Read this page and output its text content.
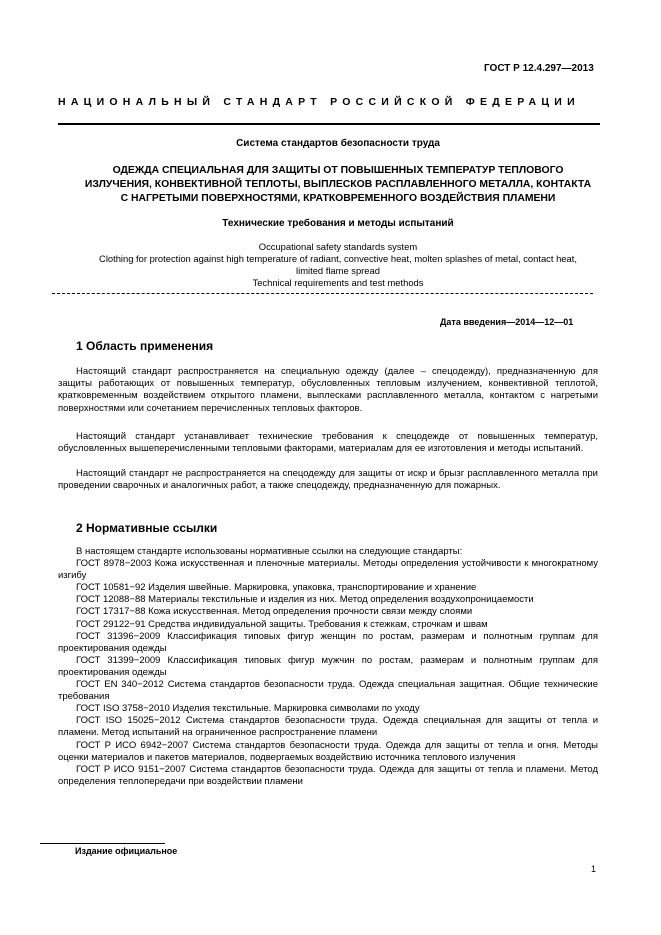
ГОСТ Р 12.4.297—2013
НАЦИОНАЛЬНЫЙ СТАНДАРТ РОССИЙСКОЙ ФЕДЕРАЦИИ
Система стандартов безопасности труда
ОДЕЖДА СПЕЦИАЛЬНАЯ ДЛЯ ЗАЩИТЫ ОТ ПОВЫШЕННЫХ ТЕМПЕРАТУР ТЕПЛОВОГО
ИЗЛУЧЕНИЯ, КОНВЕКТИВНОЙ ТЕПЛОТЫ, ВЫПЛЕСКОВ РАСПЛАВЛЕННОГО МЕТАЛЛА, КОНТАКТА
С НАГРЕТЫМИ ПОВЕРХНОСТЯМИ, КРАТКОВРЕМЕННОГО ВОЗДЕЙСТВИЯ ПЛАМЕНИ
Технические требования и методы испытаний
Occupational safety standards system
Clothing for protection against high temperature of radiant, convective heat, molten splashes of metal, contact heat,
limited flame spread
Technical requirements and test methods
Дата введения—2014—12—01
1 Область применения
Настоящий стандарт распространяется на специальную одежду (далее – спецодежду), предназначенную для защиты работающих от повышенных температур, обусловленных тепловым излучением, конвективной теплотой, кратковременным воздействием открытого пламени, выплесками расплавленного металла, контактом с нагретыми поверхностями или сочетанием перечисленных тепловых факторов.
Настоящий стандарт устанавливает технические требования к спецодежде от повышенных температур, обусловленных вышеперечисленными тепловыми факторами, материалам для ее изготовления и методы испытаний.
Настоящий стандарт не распространяется на спецодежду для защиты от искр и брызг расплавленного металла при проведении сварочных и аналогичных работ, а также спецодежду, предназначенную для пожарных.
2 Нормативные ссылки

В настоящем стандарте использованы нормативные ссылки на следующие стандарты:

ГОСТ 8978−2003 Кожа искусственная и пленочные материалы. Методы определения устойчивости к многократному изгибу

ГОСТ 10581−92 Изделия швейные. Маркировка, упаковка, транспортирование и хранение

ГОСТ 12088−88 Материалы текстильные и изделия из них. Метод определения воздухопроницаемости

ГОСТ 17317−88 Кожа искусственная. Метод определения прочности связи между слоями

ГОСТ 29122−91 Средства индивидуальной защиты. Требования к стежкам, строчкам и швам

ГОСТ 31396−2009 Классификация типовых фигур женщин по ростам, размерам и полнотным группам для проектирования одежды

ГОСТ 31399−2009 Классификация типовых фигур мужчин по ростам, размерам и полнотным группам для проектирования одежды

ГОСТ EN 340−2012 Система стандартов безопасности труда. Одежда специальная защитная. Общие технические требования

ГОСТ ISO 3758−2010 Изделия текстильные. Маркировка символами по уходу

ГОСТ ISO 15025−2012 Система стандартов безопасности труда. Одежда специальная для защиты от тепла и пламени. Метод испытаний на ограниченное распространение пламени

ГОСТ Р ИСО 6942−2007 Система стандартов безопасности труда. Одежда для защиты от тепла и огня. Методы оценки материалов и пакетов материалов, подвергаемых воздействию источника теплового излучения

ГОСТ Р ИСО 9151−2007 Система стандартов безопасности труда. Одежда для защиты от тепла и пламени. Метод определения теплопередачи при воздействии пламени

Издание официальное
1
